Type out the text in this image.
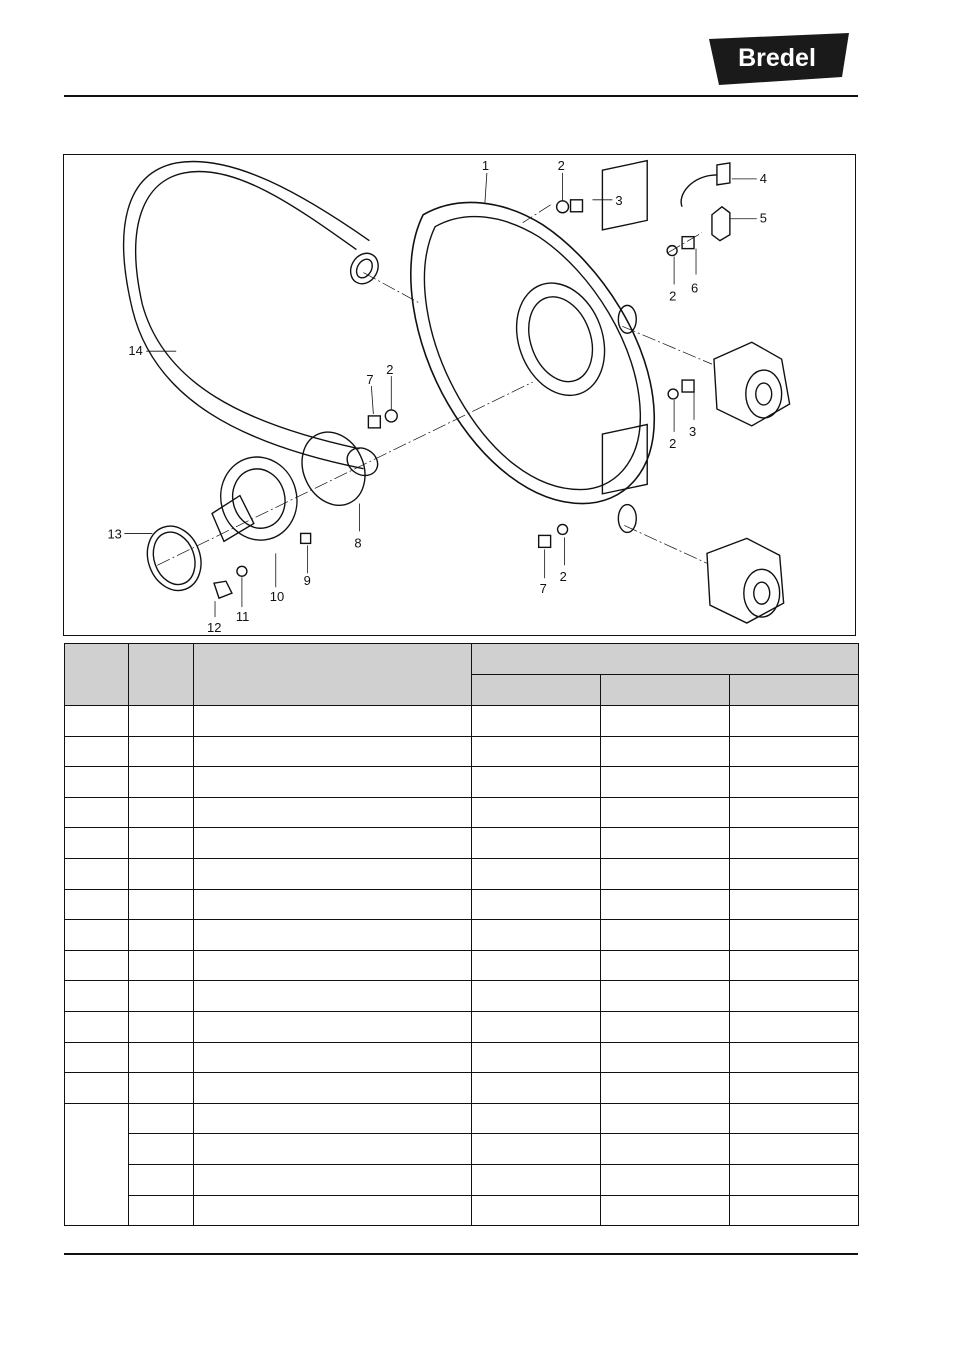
Bredel
1	2
3
4
5
2
6
7
2
2
3
14
13
12
11
10
9
8
7
2
